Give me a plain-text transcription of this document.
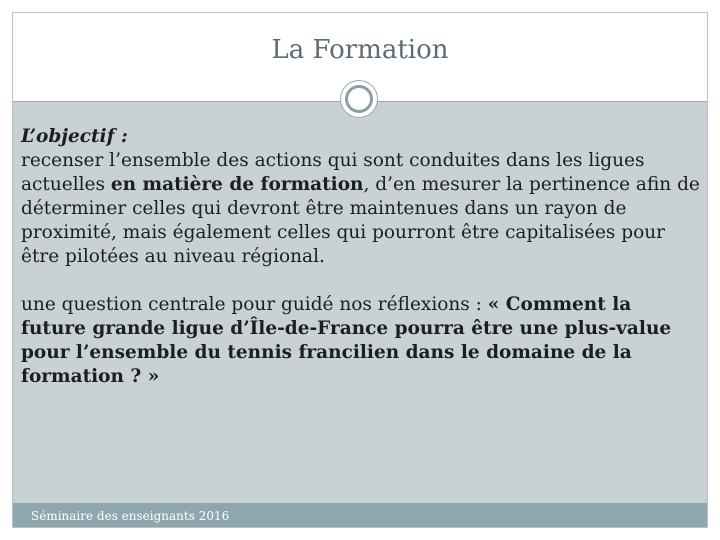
La Formation
Séminaire des enseignants 2016

L’objectif :

recenser l’ensemble des actions qui sont conduites dans les ligues actuelles en matière de formation, d’en mesurer la pertinence afin de déterminer celles qui devront être maintenues dans un rayon de proximité, mais également celles qui pourront être capitalisées pour être pilotées au niveau régional.

une question centrale pour guidé nos réflexions : « Comment la future grande ligue d’Île-de-France pourra être une plus-value pour l’ensemble du tennis francilien dans le domaine de la formation ? »
